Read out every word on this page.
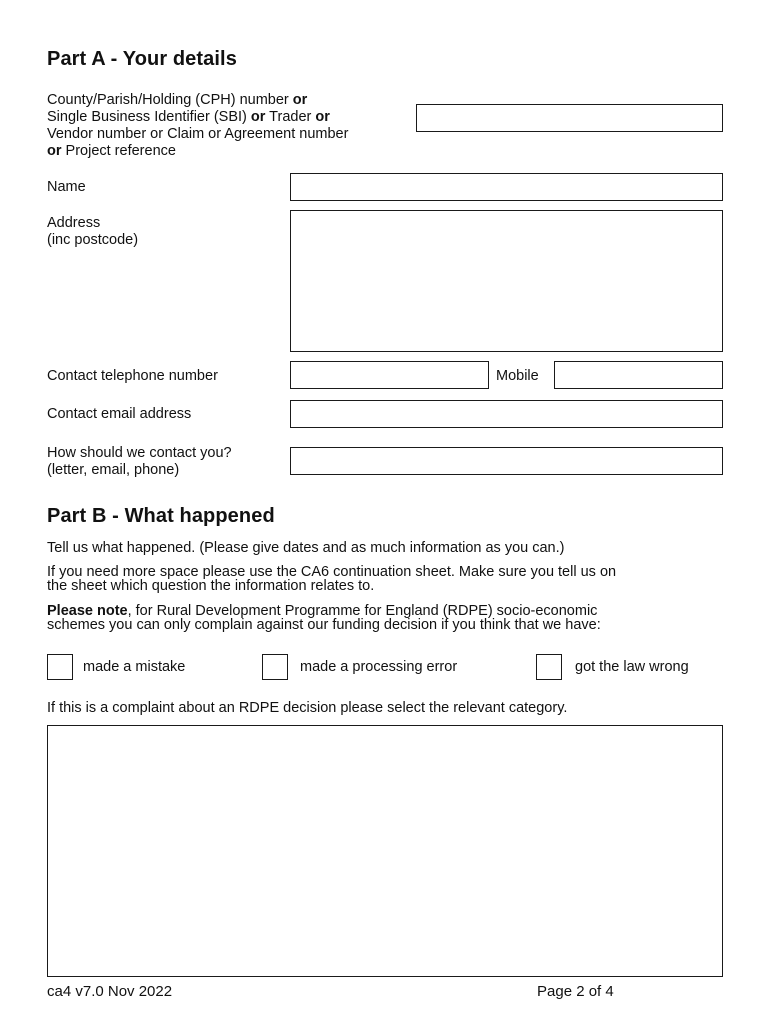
Part A - Your details
County/Parish/Holding (CPH) number or
Single Business Identifier (SBI) or Trader or
Vendor number or Claim or Agreement number
or Project reference
Name
Address
(inc postcode)
Contact telephone number	Mobile
Contact email address
How should we contact you?
(letter, email, phone)
Part B - What happened
Tell us what happened. (Please give dates and as much information as you can.)
If you need more space please use the CA6 continuation sheet. Make sure you tell us on
the sheet which question the information relates to.
Please note, for Rural Development Programme for England (RDPE) socio-economic
schemes you can only complain against our funding decision if you think that we have:
made a mistake	made a processing error	got the law wrong
If this is a complaint about an RDPE decision please select the relevant category.
ca4 v7.0 Nov 2022	Page 2 of 4
